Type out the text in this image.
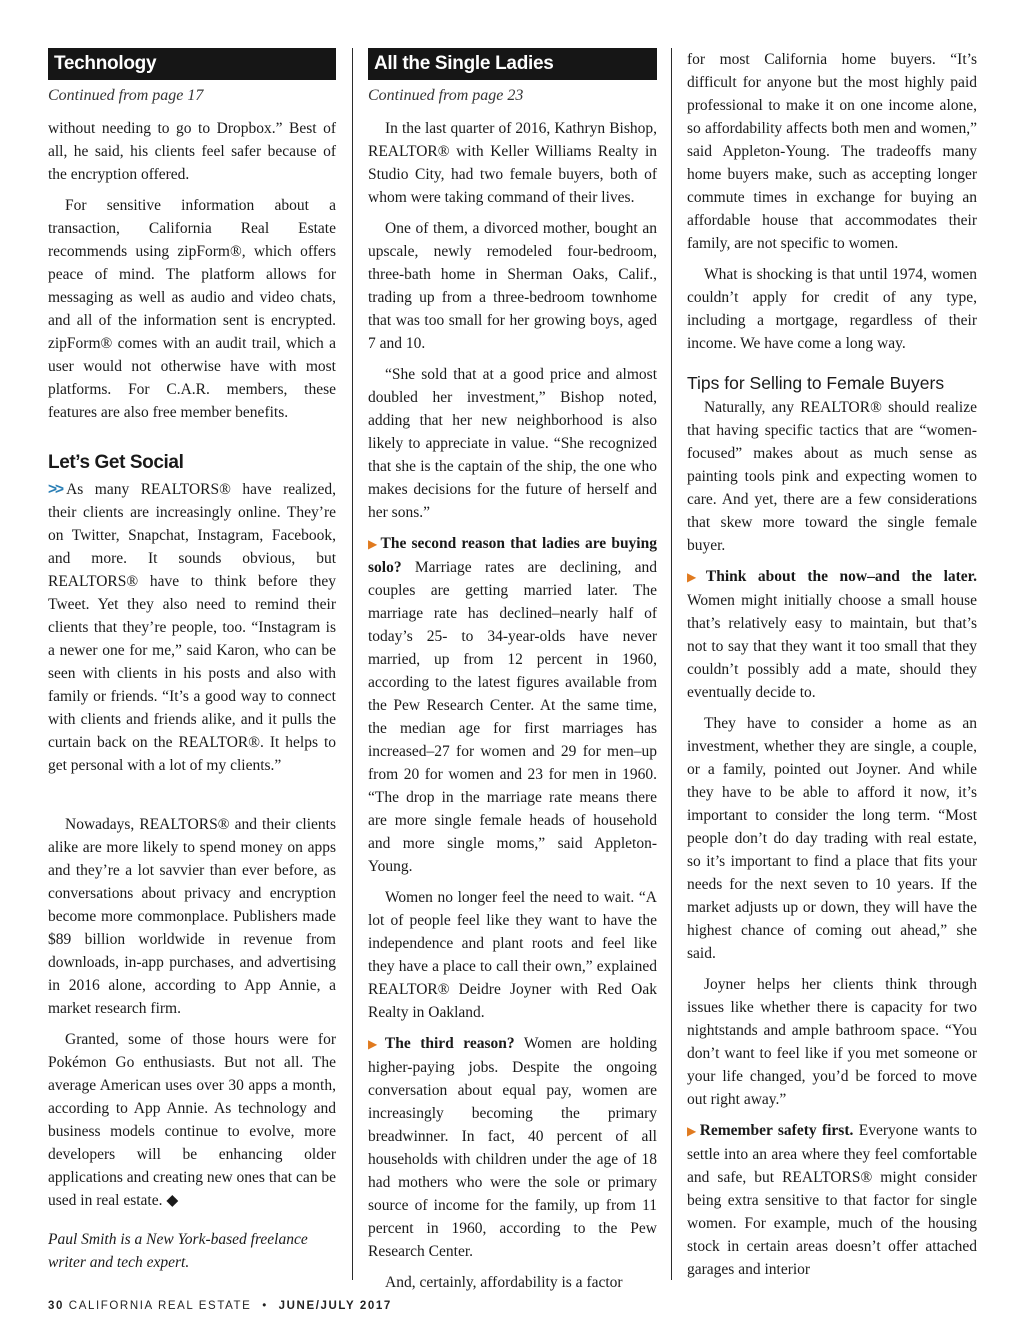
Technology
Continued from page 17

without needing to go to Dropbox.” Best of all, he said, his clients feel safer because of the encryption offered.

For sensitive information about a transaction, California Real Estate recommends using zipForm®, which offers peace of mind. The platform allows for messaging as well as audio and video chats, and all of the information sent is encrypted. zipForm® comes with an audit trail, which a user would not otherwise have with most platforms. For C.A.R. members, these features are also free member benefits.

Let’s Get Social

>> As many REALTORS® have realized, their clients are increasingly online. They’re on Twitter, Snapchat, Instagram, Facebook, and more. It sounds obvious, but REALTORS® have to think before they Tweet. Yet they also need to remind their clients that they’re people, too. “Instagram is a newer one for me,” said Karon, who can be seen with clients in his posts and also with family or friends. “It’s a good way to connect with clients and friends alike, and it pulls the curtain back on the REALTOR®. It helps to get personal with a lot of my clients.”

Nowadays, REALTORS® and their clients alike are more likely to spend money on apps and they’re a lot savvier than ever before, as conversations about privacy and encryption become more commonplace. Publishers made $89 billion worldwide in revenue from downloads, in-app purchases, and advertising in 2016 alone, according to App Annie, a market research firm.

Granted, some of those hours were for Pokémon Go enthusiasts. But not all. The average American uses over 30 apps a month, according to App Annie. As technology and business models continue to evolve, more developers will be enhancing older applications and creating new ones that can be used in real estate. ◆

Paul Smith is a New York-based freelance writer and tech expert.
All the Single Ladies
Continued from page 23

In the last quarter of 2016, Kathryn Bishop, REALTOR® with Keller Williams Realty in Studio City, had two female buyers, both of whom were taking command of their lives.

One of them, a divorced mother, bought an upscale, newly remodeled four-bedroom, three-bath home in Sherman Oaks, Calif., trading up from a three-bedroom townhome that was too small for her growing boys, aged 7 and 10.

“She sold that at a good price and almost doubled her investment,” Bishop noted, adding that her new neighborhood is also likely to appreciate in value. “She recognized that she is the captain of the ship, the one who makes decisions for the future of herself and her sons.”

▶ The second reason that ladies are buying solo? Marriage rates are declining, and couples are getting married later. The marriage rate has declined–nearly half of today’s 25- to 34-year-olds have never married, up from 12 percent in 1960, according to the latest figures available from the Pew Research Center. At the same time, the median age for first marriages has increased–27 for women and 29 for men–up from 20 for women and 23 for men in 1960. “The drop in the marriage rate means there are more single female heads of household and more single moms,” said Appleton-Young.

Women no longer feel the need to wait. “A lot of people feel like they want to have the independence and plant roots and feel like they have a place to call their own,” explained REALTOR® Deidre Joyner with Red Oak Realty in Oakland.

▶ The third reason? Women are holding higher-paying jobs. Despite the ongoing conversation about equal pay, women are increasingly becoming the primary breadwinner. In fact, 40 percent of all households with children under the age of 18 had mothers who were the sole or primary source of income for the family, up from 11 percent in 1960, according to the Pew Research Center.

And, certainly, affordability is a factor

for most California home buyers. “It’s difficult for anyone but the most highly paid professional to make it on one income alone, so affordability affects both men and women,” said Appleton-Young. The tradeoffs many home buyers make, such as accepting longer commute times in exchange for buying an affordable house that accommodates their family, are not specific to women.

What is shocking is that until 1974, women couldn’t apply for credit of any type, including a mortgage, regardless of their income. We have come a long way.

Tips for Selling to Female Buyers

Naturally, any REALTOR® should realize that having specific tactics that are “women-focused” makes about as much sense as painting tools pink and expecting women to care. And yet, there are a few considerations that skew more toward the single female buyer.

▶ Think about the now–and the later. Women might initially choose a small house that’s relatively easy to maintain, but that’s not to say that they want it too small that they couldn’t possibly add a mate, should they eventually decide to.

They have to consider a home as an investment, whether they are single, a couple, or a family, pointed out Joyner. And while they have to be able to afford it now, it’s important to consider the long term. “Most people don’t do day trading with real estate, so it’s important to find a place that fits your needs for the next seven to 10 years. If the market adjusts up or down, they will have the highest chance of coming out ahead,” she said.

Joyner helps her clients think through issues like whether there is capacity for two nightstands and ample bathroom space. “You don’t want to feel like if you met someone or your life changed, you’d be forced to move out right away.”

▶ Remember safety first. Everyone wants to settle into an area where they feel comfortable and safe, but REALTORS® might consider being extra sensitive to that factor for single women. For example, much of the housing stock in certain areas doesn’t offer attached garages and interior

30 CALIFORNIA REAL ESTATE • JUNE/JULY 2017
